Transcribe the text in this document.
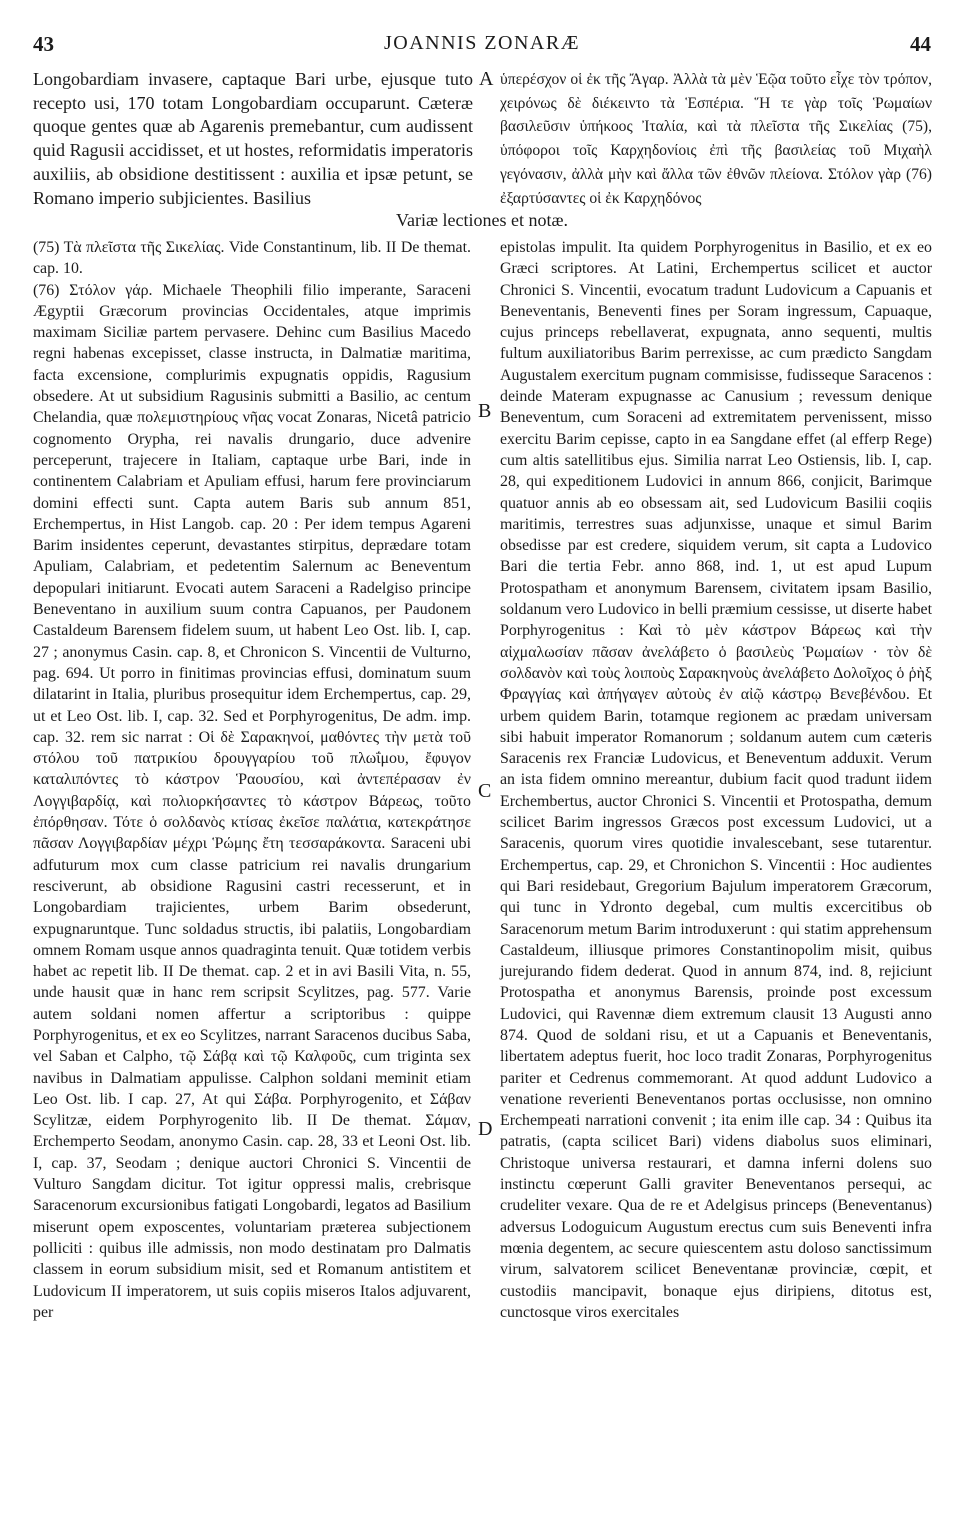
43	JOANNIS ZONARÆ	44

Longobardiam invasere, captaque Bari urbe, ejusque tuto recepto usi, 170 totam Longobardiam occuparunt. Cæteræ quoque gentes quæ ab Agarenis premebantur, cum audissent quid Ragusii accidisset, et ut hostes, reformidatis imperatoris auxiliis, ab obsidione destitissent : auxilia et ipsæ petunt, se Romano imperio subjicientes. Basilius

A ὑπερέσχον οἱ ἐκ τῆς Ἄγαρ. Ἀλλὰ τὰ μὲν Ἑῷα τοῦτο εἶχε τὸν τρόπον, χειρόνως δὲ διέκειντο τὰ Ἑσπέρια. Ἥ τε γὰρ τοῖς Ῥωμαίων βασιλεῦσιν ὑπήκοος Ἰταλία, καὶ τὰ πλεῖστα τῆς Σικελίας (75), ὑπόφοροι τοῖς Καρχηδονίοις ἐπὶ τῆς βασιλείας τοῦ Μιχαὴλ γεγόνασιν, ἀλλὰ μὴν καὶ ἄλλα τῶν ἐθνῶν πλείονα. Στόλον γὰρ (76) ἐξαρτύσαντες οἱ ἐκ Καρχηδόνος

Variæ lectiones et notæ.

(75) Τὰ πλεῖστα τῆς Σικελίας. Vide Constantinum, lib. II De themat. cap. 10.

(76) Στόλον γάρ. Michaele Theophili filio imperante, Saraceni Ægyptii Græcorum provincias Occidentales, atque imprimis maximam Siciliæ partem pervasere. Dehinc cum Basilius Macedo regni habenas excepisset, classe instructa, in Dalmatiæ maritima, facta excensione, complurimis expugnatis oppidis, Ragusium obsedere. At ut subsidium Ragusinis submitti a Basilio, ac centum Chelandia, quæ πολεμιστηρίους νῆας vocat Zonaras, Nicetâ patricio cognomento Orypha, rei navalis drungario, duce advenire perceperunt, trajecere in Italiam, captaque urbe Bari, inde in continentem Calabriam et Apuliam effusi, harum fere provinciarum domini effecti sunt. Capta autem Baris sub annum 851, Erchempertus, in Hist Langob. cap. 20 : Per idem tempus Agareni Barim insidentes ceperunt, devastantes stirpitus, deprædare totam Apuliam, Calabriam, et pedetentim Salernum ac Beneventum depopulari initiarunt. Evocati autem Saraceni a Radelgiso principe Beneventano in auxilium suum contra Capuanos, per Paudonem Castaldeum Barensem fidelem suum, ut habent Leo Ost. lib. I, cap. 27 ; anonymus Casin. cap. 8, et Chronicon S. Vincentii de Vulturno, pag. 694. Ut porro in finitimas provincias effusi, dominatum suum dilatarint in Italia, pluribus prosequitur idem Erchempertus, cap. 29, ut et Leo Ost. lib. I, cap. 32. Sed et Porphyrogenitus, De adm. imp. cap. 32. rem sic narrat : Οἱ δὲ Σαρακηνοί, μαθόντες τὴν μετὰ τοῦ στόλου τοῦ πατρικίου δρουγγαρίου τοῦ πλωΐμου, ἔφυγον καταλιπόντες τὸ κάστρον Ῥαουσίου, καὶ ἀντεπέρασαν ἐν Λογγιβαρδίᾳ, καὶ πολιορκήσαντες τὸ κάστρον Βάρεως, τοῦτο ἐπόρθησαν. Τότε ὁ σολδανὸς κτίσας ἐκεῖσε παλάτια, κατεκράτησε πᾶσαν Λογγιβαρδίαν μέχρι Ῥώμης ἔτη τεσσαράκοντα. Saraceni ubi adfuturum mox cum classe patricium rei navalis drungarium resciverunt, ab obsidione Ragusini castri recesserunt, et in Longobardiam trajicientes, urbem Barim obsederunt, expugnaruntque. Tunc soldadus structis, ibi palatiis, Longobardiam omnem Romam usque annos quadraginta tenuit. Quæ totidem verbis habet ac repetit lib. II De themat. cap. 2 et in avi Basili Vita, n. 55, unde hausit quæ in hanc rem scripsit Scylitzes, pag. 577. Varie autem soldani nomen affertur a scriptoribus : quippe Porphyrogenitus, et ex eo Scylitzes, narrant Saracenos ducibus Saba, vel Saban et Calpho, τῷ Σάβᾳ καὶ τῷ Καλφοῦς, cum triginta sex navibus in Dalmatiam appulisse. Calphon soldani meminit etiam Leo Ost. lib. I cap. 27, At qui Σάβα. Porphyrogenito, et Σάβαν Scylitzæ, eidem Porphyrogenito lib. II De themat. Σάμαν, Erchemperto Seodam, anonymo Casin. cap. 28, 33 et Leoni Ost. lib. I, cap. 37, Seodam ; denique auctori Chronici S. Vincentii de Vulturo Sangdam dicitur. Tot igitur oppressi malis, crebrisque Saracenorum excursionibus fatigati Longobardi, legatos ad Basilium miserunt opem exposcentes, voluntariam præterea subjectionem polliciti : quibus ille admissis, non modo destinatam pro Dalmatis classem in eorum subsidium misit, sed et Romanum antistitem et Ludovicum II imperatorem, ut suis copiis miseros Italos adjuvarent, per

B
C
D

epistolas impulit. Ita quidem Porphyrogenitus in Basilio, et ex eo Græci scriptores. At Latini, Erchempertus scilicet et auctor Chronici S. Vincentii, evocatum tradunt Ludovicum a Capuanis et Beneventanis, Beneventi fines per Soram ingressum, Capuaque, cujus princeps rebellaverat, expugnata, anno sequenti, multis fultum auxiliatoribus Barim perrexisse, ac cum prædicto Sangdam Augustalem exercitum pugnam commisisse, fudisseque Saracenos : deinde Materam expugnasse ac Canusium ; revessum denique Beneventum, cum Soraceni ad extremitatem pervenissent, misso exercitu Barim cepisse, capto in ea Sangdane effet (al efferp Rege) cum altis satellitibus ejus. Similia narrat Leo Ostiensis, lib. I, cap. 28, qui expeditionem Ludovici in annum 866, conjicit, Barimque quatuor annis ab eo obsessam ait, sed Ludovicum Basilii coqiis maritimis, terrestres suas adjunxisse, unaque et simul Barim obsedisse par est credere, siquidem verum, sit capta a Ludovico Bari die tertia Febr. anno 868, ind. 1, ut est apud Lupum Protospatham et anonymum Barensem, civitatem ipsam Basilio, soldanum vero Ludovico in belli præmium cessisse, ut diserte habet Porphyrogenitus : Καὶ τὸ μὲν κάστρον Βάρεως καὶ τὴν αἰχμαλωσίαν πᾶσαν ἀνελάβετο ὁ βασιλεὺς Ῥωμαίων · τὸν δὲ σολδανὸν καὶ τοὺς λοιποὺς Σαρακηνοὺς ἀνελάβετο Δολοῖχος ὁ ῥὴξ Φραγγίας καὶ ἀπήγαγεν αὐτοὺς ἐν αἰῷ κάστρῳ Βενεβένδου. Et urbem quidem Barin, totamque regionem ac prædam universam sibi habuit imperator Romanorum ; soldanum autem cum cæteris Saracenis rex Franciæ Ludovicus, et Beneventum adduxit. Verum an ista fidem omnino mereantur, dubium facit quod tradunt iidem Erchembertus, auctor Chronici S. Vincentii et Protospatha, demum scilicet Barim ingressos Græcos post excessum Ludovici, ut a Saracenis, quorum vires quotidie invalescebant, sese tutarentur. Erchempertus, cap. 29, et Chronichon S. Vincentii : Hoc audientes qui Bari residebaut, Gregorium Bajulum imperatorem Græcorum, qui tunc in Ydronto degebal, cum multis excercitibus ob Saracenorum metum Barim introduxerunt : qui statim apprehensum Castaldeum, illiusque primores Constantinopolim misit, quibus jurejurando fidem dederat. Quod in annum 874, ind. 8, rejiciunt Protospatha et anonymus Barensis, proinde post excessum Ludovici, qui Ravennæ diem extremum clausit 13 Augusti anno 874. Quod de soldani risu, et ut a Capuanis et Beneventanis, libertatem adeptus fuerit, hoc loco tradit Zonaras, Porphyrogenitus pariter et Cedrenus commemorant. At quod addunt Ludovico a venatione reverienti Beneventanos portas occlusisse, non omnino Erchempeati narrationi convenit ; ita enim ille cap. 34 : Quibus ita patratis, (capta scilicet Bari) videns diabolus suos eliminari, Christoque universa restaurari, et damna inferni dolens suo instinctu cœperunt Galli graviter Beneventanos persequi, ac crudeliter vexare. Qua de re et Adelgisus princeps (Beneventanus) adversus Lodoguicum Augustum erectus cum suis Beneventi infra mœnia degentem, ac secure quiescentem astu doloso sanctissimum virum, salvatorem scilicet Beneventanæ provinciæ, cœpit, et custodiis mancipavit, bonaque ejus diripiens, ditotus est, cunctosque viros exercitales
